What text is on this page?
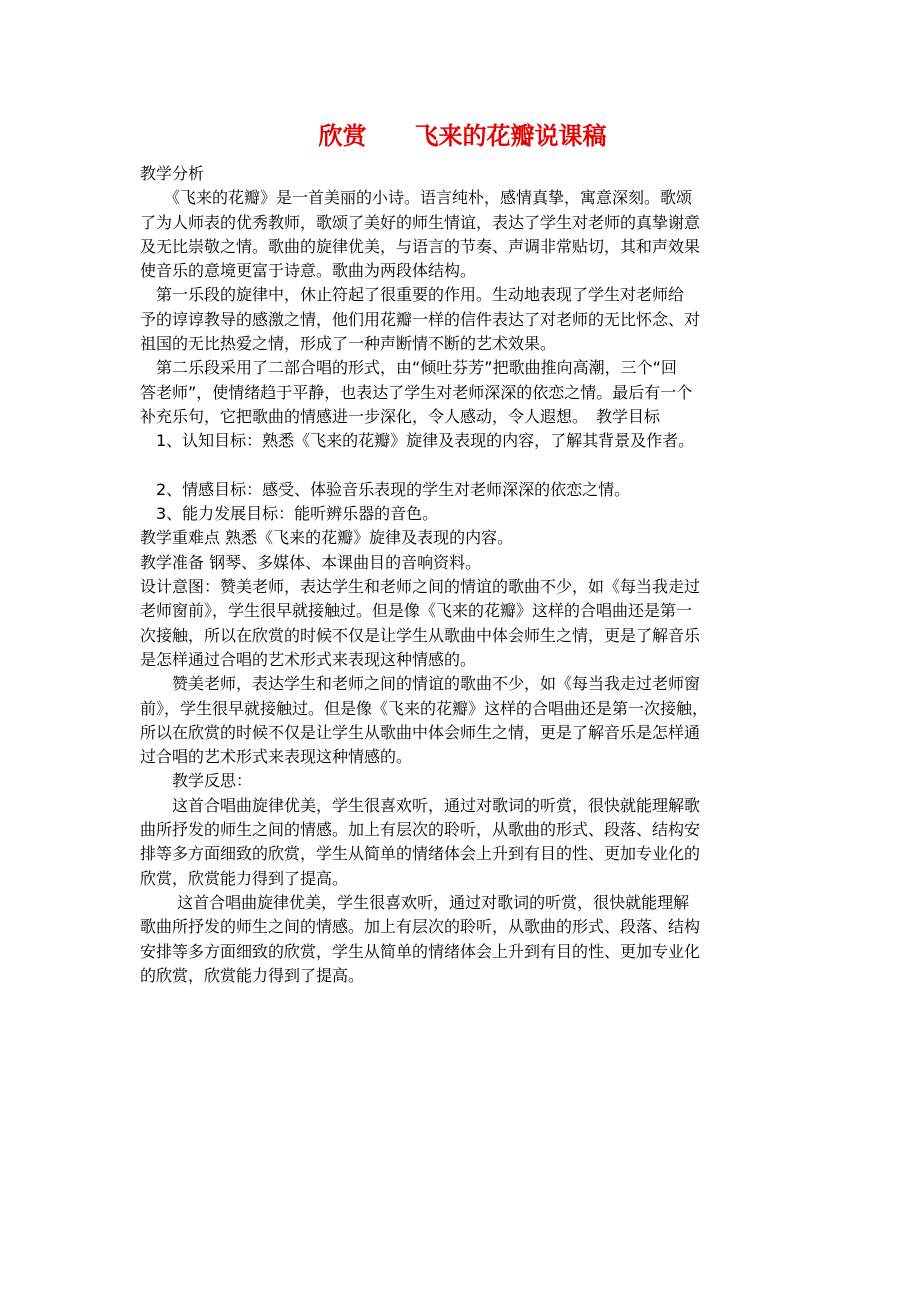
欣赏　　飞来的花瓣说课稿

教学分析

　　《飞来的花瓣》是一首美丽的小诗。语言纯朴，感情真挚，寓意深刻。歌颂

了为人师表的优秀教师，歌颂了美好的师生情谊，表达了学生对老师的真挚谢意

及无比崇敬之情。歌曲的旋律优美，与语言的节奏、声调非常贴切，其和声效果

使音乐的意境更富于诗意。歌曲为两段体结构。

　第一乐段的旋律中，休止符起了很重要的作用。生动地表现了学生对老师给

予的谆谆教导的感激之情，他们用花瓣一样的信件表达了对老师的无比怀念、对

祖国的无比热爱之情，形成了一种声断情不断的艺术效果。

　第二乐段采用了二部合唱的形式，由“倾吐芬芳”把歌曲推向高潮，三个“回

答老师”，使情绪趋于平静，也表达了学生对老师深深的依恋之情。最后有一个

补充乐句，它把歌曲的情感进一步深化，令人感动，令人遐想。　教学目标

　1、认知目标：熟悉《飞来的花瓣》旋律及表现的内容，了解其背景及作者。

　2、情感目标：感受、体验音乐表现的学生对老师深深的依恋之情。

　3、能力发展目标：能听辨乐器的音色。

教学重难点 熟悉《飞来的花瓣》旋律及表现的内容。

教学准备 钢琴、多媒体、本课曲目的音响资料。

设计意图：赞美老师，表达学生和老师之间的情谊的歌曲不少，如《每当我走过

老师窗前》，学生很早就接触过。但是像《飞来的花瓣》这样的合唱曲还是第一

次接触，所以在欣赏的时候不仅是让学生从歌曲中体会师生之情，更是了解音乐

是怎样通过合唱的艺术形式来表现这种情感的。

　　赞美老师，表达学生和老师之间的情谊的歌曲不少，如《每当我走过老师窗

前》，学生很早就接触过。但是像《飞来的花瓣》这样的合唱曲还是第一次接触，

所以在欣赏的时候不仅是让学生从歌曲中体会师生之情，更是了解音乐是怎样通

过合唱的艺术形式来表现这种情感的。

　　教学反思：

　　这首合唱曲旋律优美，学生很喜欢听，通过对歌词的听赏，很快就能理解歌

曲所抒发的师生之间的情感。加上有层次的聆听，从歌曲的形式、段落、结构安

排等多方面细致的欣赏，学生从简单的情绪体会上升到有目的性、更加专业化的

欣赏，欣赏能力得到了提高。

　　 这首合唱曲旋律优美，学生很喜欢听，通过对歌词的听赏，很快就能理解

歌曲所抒发的师生之间的情感。加上有层次的聆听，从歌曲的形式、段落、结构

安排等多方面细致的欣赏，学生从简单的情绪体会上升到有目的性、更加专业化

的欣赏，欣赏能力得到了提高。
